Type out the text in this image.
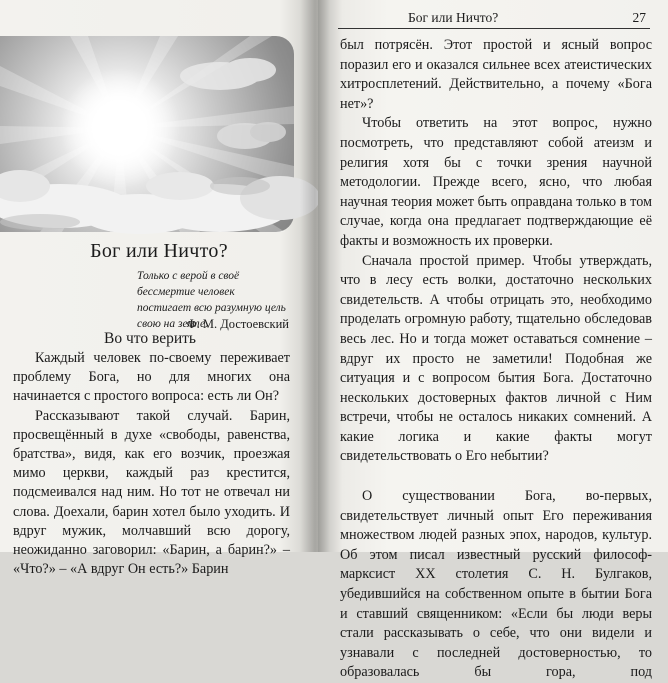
Бог или Ничто?
Только с верой в своё бессмертие человек постигает всю разумную цель свою на земле.
Ф. М. Достоевский
Во что верить

Каждый человек по-своему переживает проблему Бога, но для многих она начинается с простого вопроса: есть ли Он?

Рассказывают такой случай. Барин, просвещённый в духе «свободы, равенства, братства», видя, как его возчик, проезжая мимо церкви, каждый раз крестится, подсмеивался над ним. Но тот не отвечал ни слова. Доехали, барин хотел было уходить. И вдруг мужик, молчавший всю дорогу, неожиданно заговорил: «Барин, а барин?» – «Что?» – «А вдруг Он есть?» Барин

Бог или Ничто?	27

был потрясён. Этот простой и ясный вопрос поразил его и оказался сильнее всех атеистических хитросплетений. Действительно, а почему «Бога нет»?

Чтобы ответить на этот вопрос, нужно посмотреть, что представляют собой атеизм и религия хотя бы с точки зрения научной методологии. Прежде всего, ясно, что любая научная теория может быть оправдана только в том случае, когда она предлагает подтверждающие её факты и возможность их проверки.

Сначала простой пример. Чтобы утверждать, что в лесу есть волки, достаточно нескольких свидетельств. А чтобы отрицать это, необходимо проделать огромную работу, тщательно обследовав весь лес. Но и тогда может оставаться сомнение – вдруг их просто не заметили! Подобная же ситуация и с вопросом бытия Бога. Достаточно нескольких достоверных фактов личной с Ним встречи, чтобы не осталось никаких сомнений. А какие логика и какие факты могут свидетельствовать о Его небытии?

О существовании Бога, во-первых, свидетельствует личный опыт Его переживания множеством людей разных эпох, народов, культур. Об этом писал известный русский философ-марксист XX столетия С. Н. Булгаков, убедившийся на собственном опыте в бытии Бога и ставший священником: «Если бы люди веры стали рассказывать о себе, что они видели и узнавали с последней достоверностью, то образовалась бы гора, под
